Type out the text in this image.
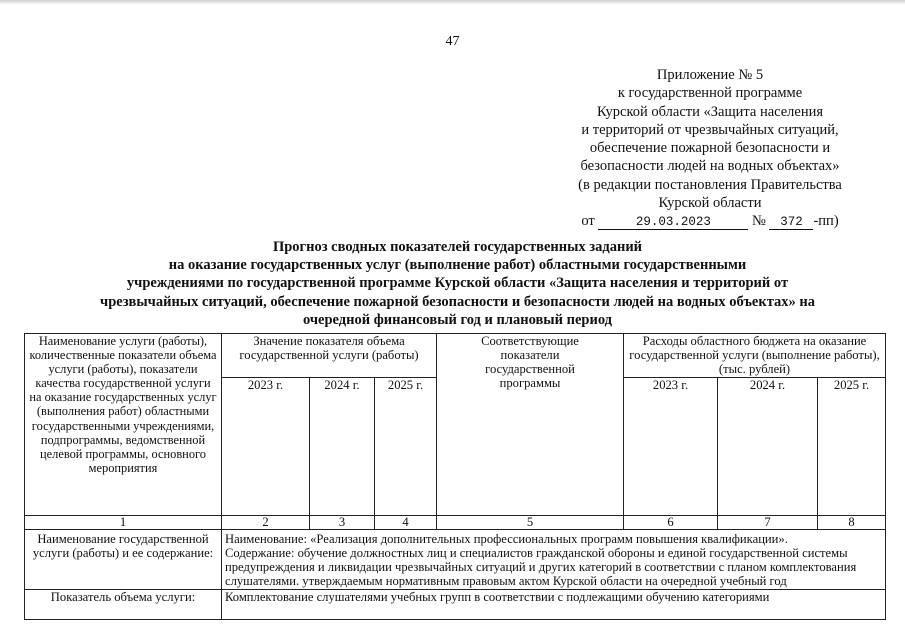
47
Приложение № 5
к государственной программе
Курской области «Защита населения
и территорий от чрезвычайных ситуаций,
обеспечение пожарной безопасности и
безопасности людей на водных объектах»
(в редакции постановления Правительства
Курской области
от	29.03.2023	№ 372 -пп)
Прогноз сводных показателей государственных заданий
на оказание государственных услуг (выполнение работ) областными государственными
учреждениями по государственной программе Курской области «Защита населения и территорий от
чрезвычайных ситуаций, обеспечение пожарной безопасности и безопасности людей на водных объектах» на
очередной финансовый год и плановый период
Наименование услуги (работы), количественные показатели объема услуги (работы), показатели качества государственной услуги на оказание государственных услуг (выполнения работ) областными государственными учреждениями, подпрограммы, ведомственной целевой программы, основного мероприятия	Значение показателя объема государственной услуги (работы)			Соответствующие показатели государственной программы	Расходы областного бюджета на оказание государственной услуги (выполнение работы), (тыс. рублей)		
	2023 г.	2024 г.	2025 г.		2023 г.	2024 г.	2025 г.
1	2	3	4	5	6	7	8
Наименование государственной услуги (работы) и ее содержание:	Наименование: «Реализация дополнительных профессиональных программ повышения квалификации».
Содержание: обучение должностных лиц и специалистов гражданской обороны и единой государственной системы предупреждения и ликвидации чрезвычайных ситуаций и других категорий в соответствии с планом комплектования слушателями. утверждаемым нормативным правовым актом Курской области на очередной учебный год						

Показатель объема услуги:	Комплектование слушателями учебных групп в соответствии с подлежащими обучению категориями						
